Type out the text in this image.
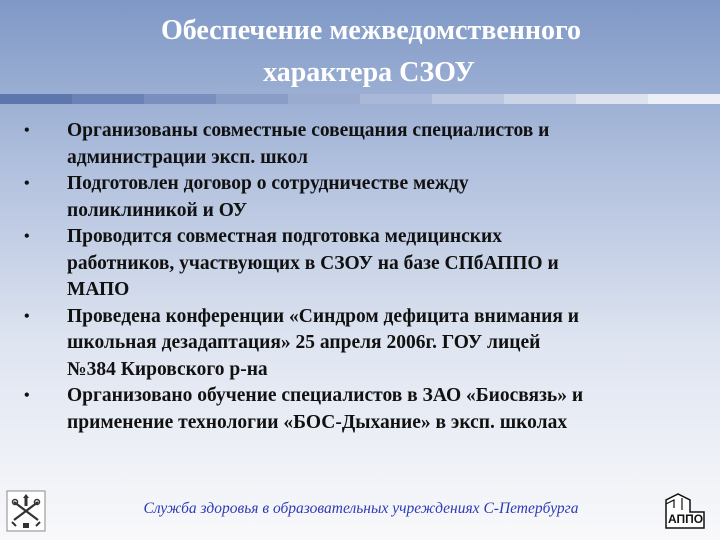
Обеспечение межведомственного
характера СЗОУ
• Организованы совместные совещания специалистов и
администрации эксп. школ
• Подготовлен договор о сотрудничестве между
поликлиникой и ОУ
• Проводится совместная подготовка медицинских
работников, участвующих в СЗОУ на базе СПбАППО и
МАПО
• Проведена конференции «Синдром дефицита внимания и
школьная дезадаптация» 25 апреля 2006г. ГОУ лицей
№384 Кировского р-на
• Организовано обучение специалистов в ЗАО «Биосвязь» и
применение технологии «БОС-Дыхание» в эксп. школах
АППО
Служба здоровья в образовательных учреждениях С-Петербурга
